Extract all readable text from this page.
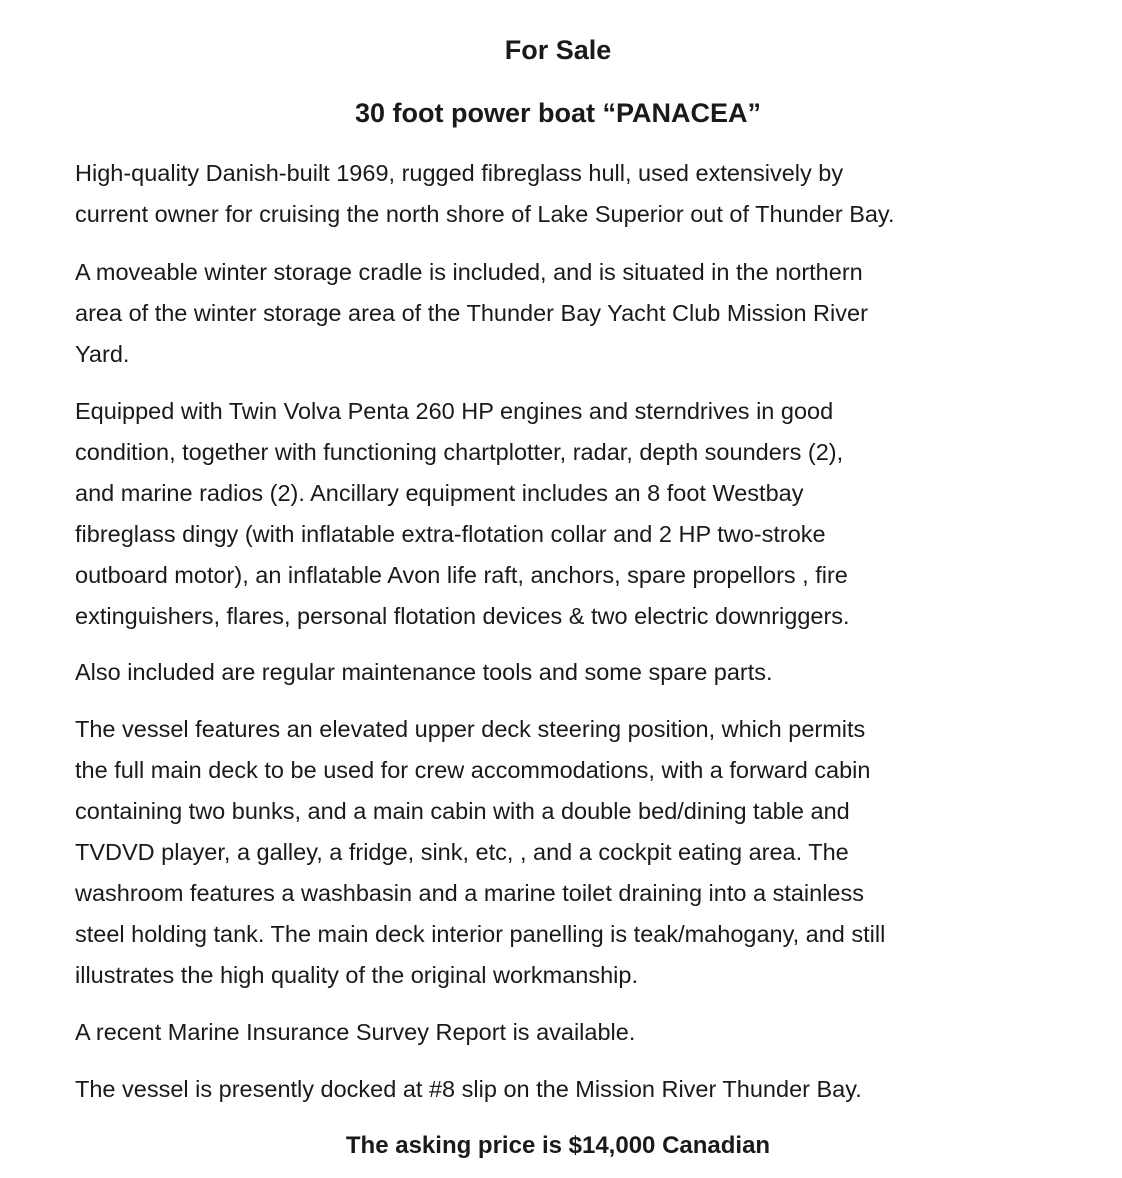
For Sale
30 foot power boat “PANACEA”

High-quality Danish-built 1969, rugged fibreglass hull, used extensively by
current owner for cruising the north shore of Lake Superior out of Thunder Bay.

A moveable winter storage cradle is included, and is situated in the northern
area of the winter storage area of the Thunder Bay Yacht Club Mission River
Yard.

Equipped with Twin Volva Penta 260 HP engines and sterndrives in good
condition, together with functioning chartplotter, radar, depth sounders (2),
and marine radios (2). Ancillary equipment includes an 8 foot Westbay
fibreglass dingy (with inflatable extra-flotation collar and 2 HP two-stroke
outboard motor), an inflatable Avon life raft, anchors, spare propellors , fire
extinguishers, flares, personal flotation devices & two electric downriggers.

Also included are regular maintenance tools and some spare parts.

The vessel features an elevated upper deck steering position, which permits
the full main deck to be used for crew accommodations, with a forward cabin
containing two bunks, and a main cabin with a double bed/dining table and
TVDVD player, a galley, a fridge, sink, etc, , and a cockpit eating area. The
washroom features a washbasin and a marine toilet draining into a stainless
steel holding tank. The main deck interior panelling is teak/mahogany, and still
illustrates the high quality of the original workmanship.

A recent Marine Insurance Survey Report is available.

The vessel is presently docked at #8 slip on the Mission River Thunder Bay.

The asking price is $14,000 Canadian
